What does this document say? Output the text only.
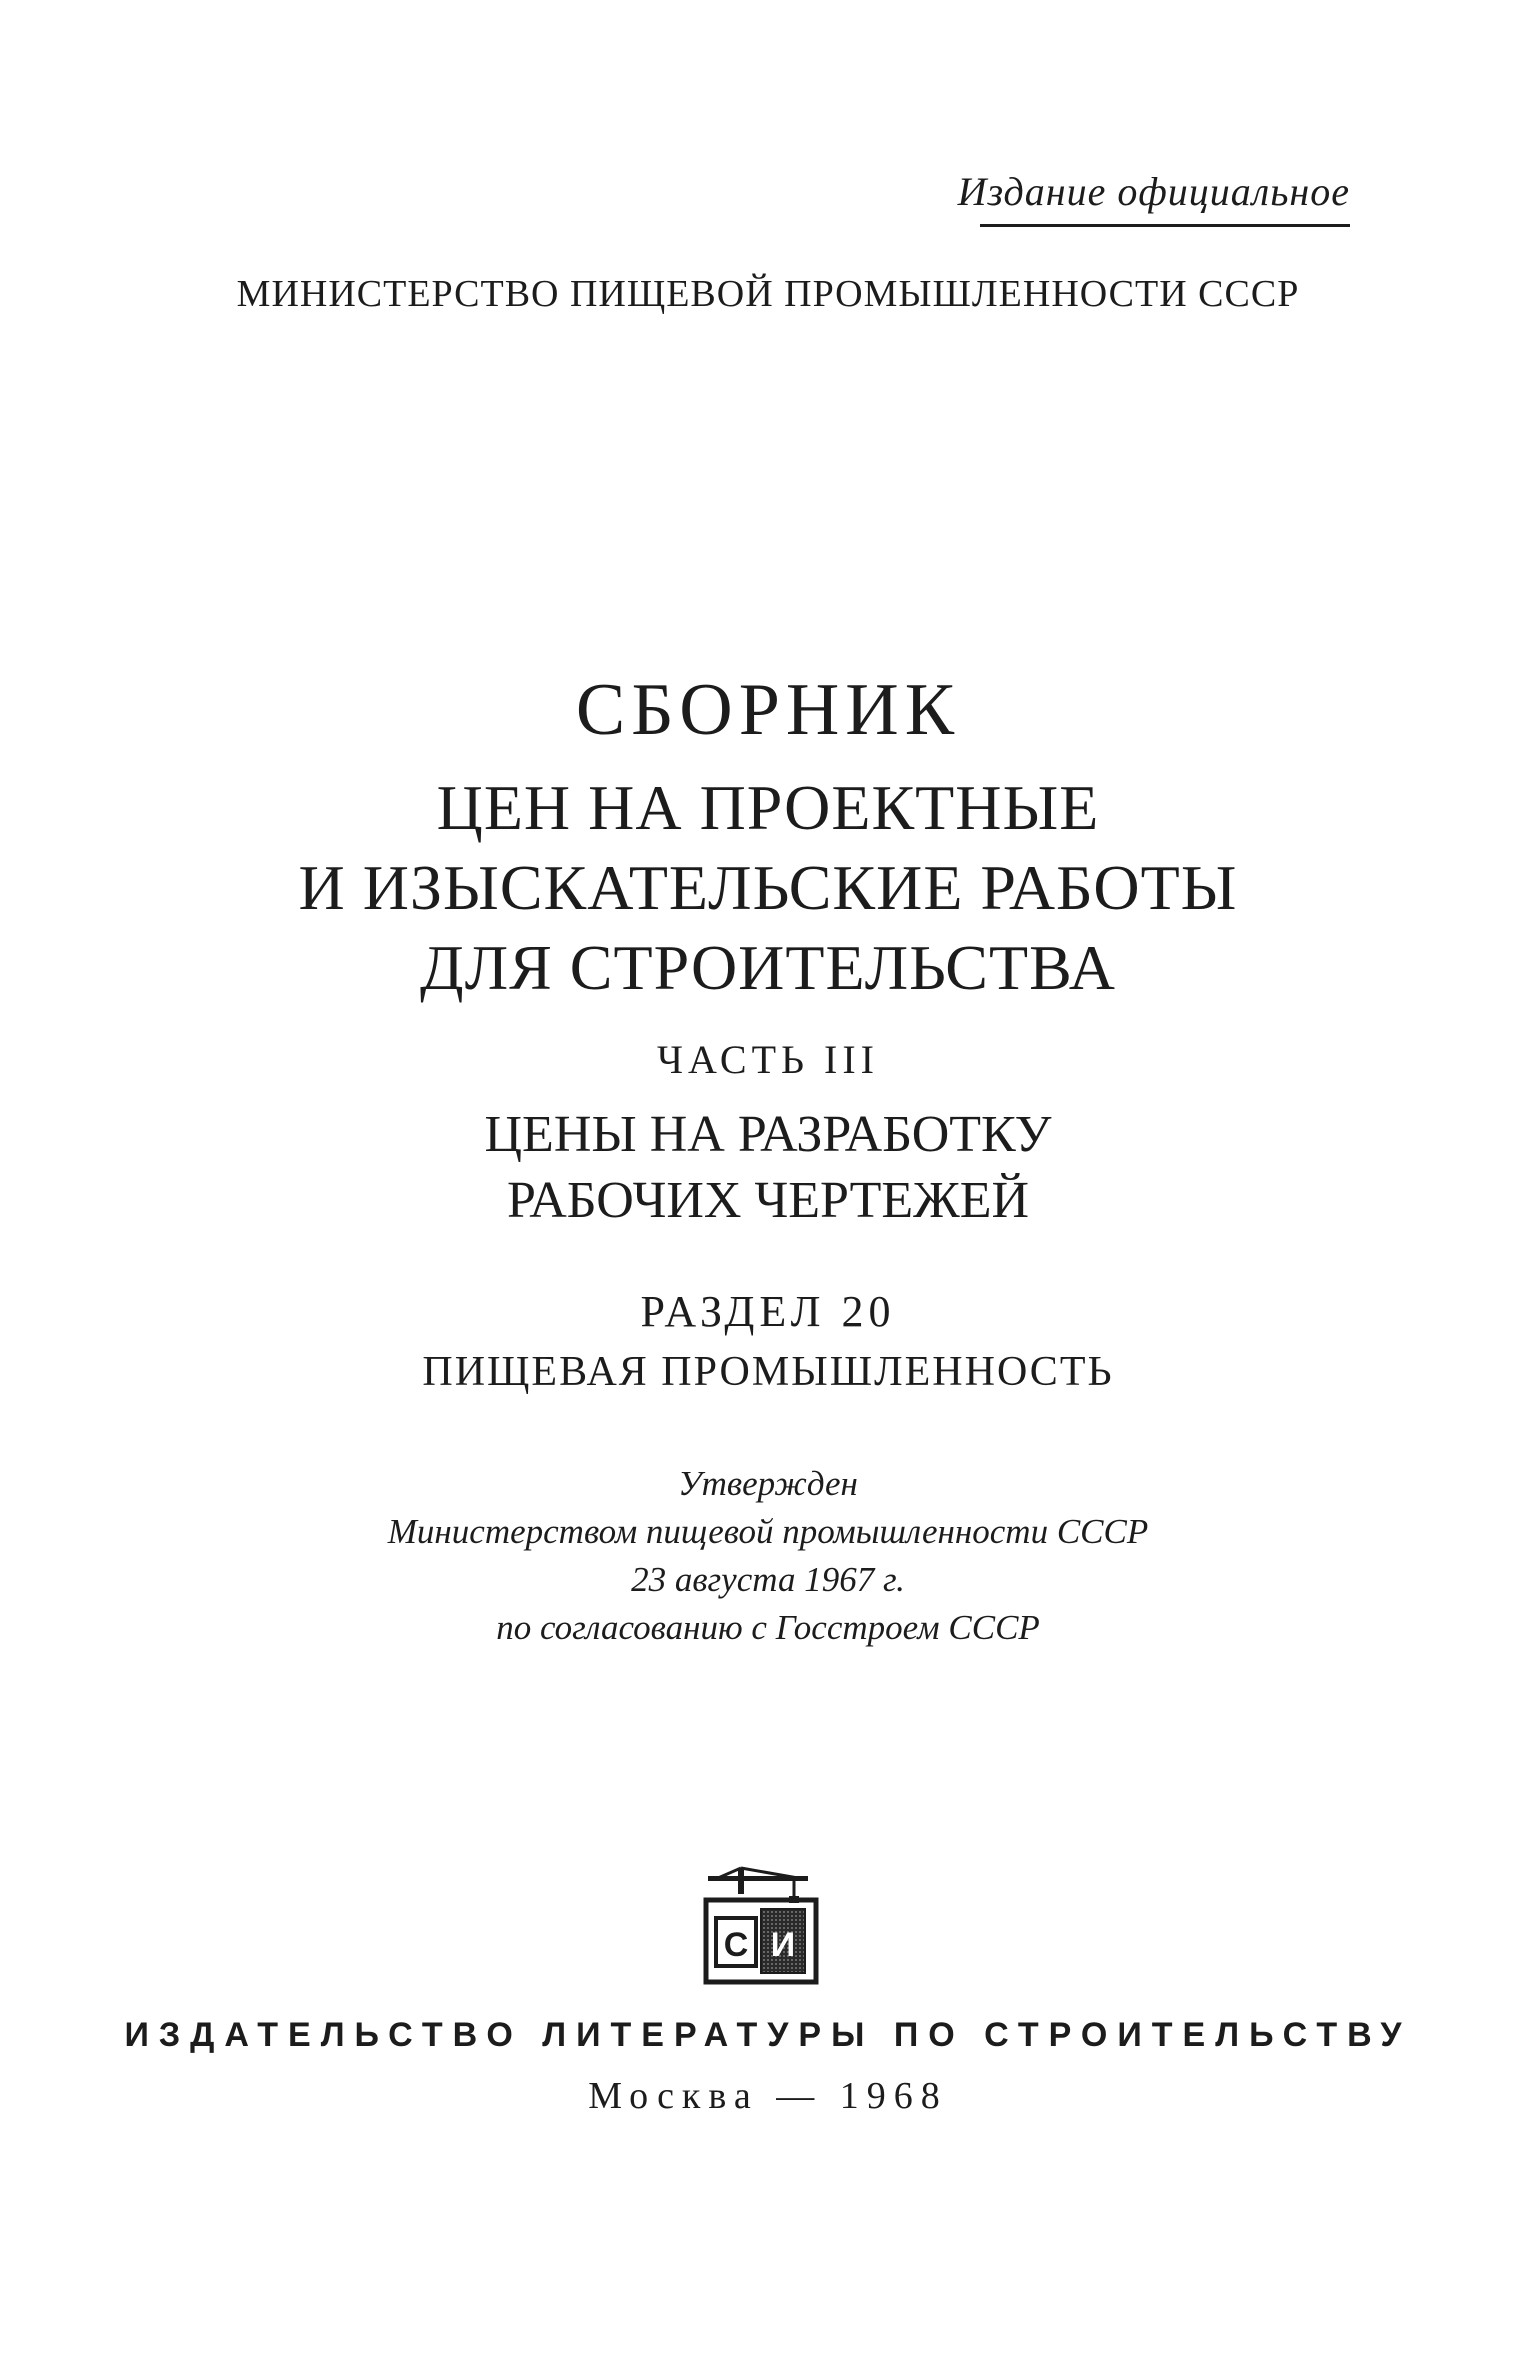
Издание официальное
МИНИСТЕРСТВО ПИЩЕВОЙ ПРОМЫШЛЕННОСТИ СССР
СБОРНИК
ЦЕН НА ПРОЕКТНЫЕ
И ИЗЫСКАТЕЛЬСКИЕ РАБОТЫ
ДЛЯ СТРОИТЕЛЬСТВА
ЧАСТЬ III
ЦЕНЫ НА РАЗРАБОТКУ
РАБОЧИХ ЧЕРТЕЖЕЙ
РАЗДЕЛ 20
ПИЩЕВАЯ ПРОМЫШЛЕННОСТЬ
Утвержден
Министерством пищевой промышленности СССР
23 августа 1967 г.
по согласованию с Госстроем СССР
С И
ИЗДАТЕЛЬСТВО ЛИТЕРАТУРЫ ПО СТРОИТЕЛЬСТВУ
Москва — 1968
